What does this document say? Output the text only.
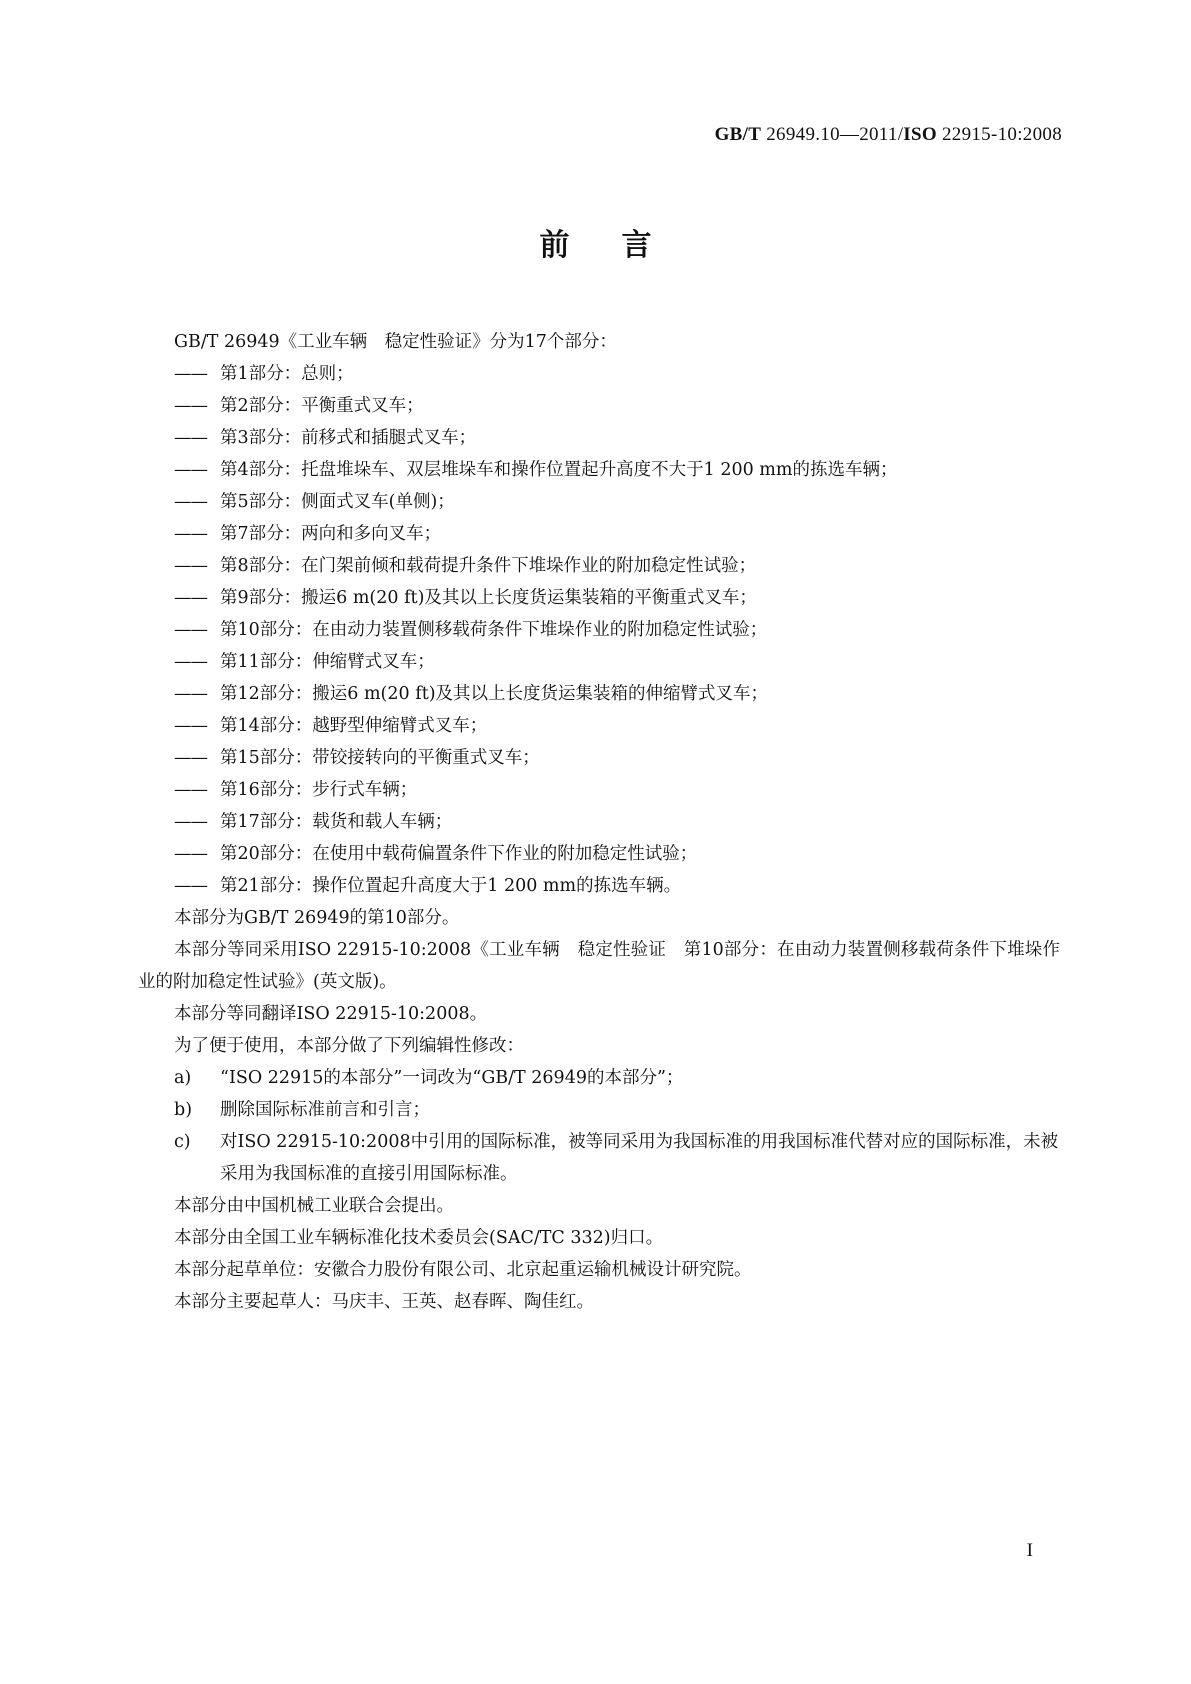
GB/T 26949.10—2011/ISO 22915-10:2008
前言

GB/T 26949《工业车辆　稳定性验证》分为17个部分：

—— 第1部分：总则；

—— 第2部分：平衡重式叉车；

—— 第3部分：前移式和插腿式叉车；

—— 第4部分：托盘堆垛车、双层堆垛车和操作位置起升高度不大于1 200 mm的拣选车辆；

—— 第5部分：侧面式叉车(单侧)；

—— 第7部分：两向和多向叉车；

—— 第8部分：在门架前倾和载荷提升条件下堆垛作业的附加稳定性试验；

—— 第9部分：搬运6 m(20 ft)及其以上长度货运集装箱的平衡重式叉车；

—— 第10部分：在由动力装置侧移载荷条件下堆垛作业的附加稳定性试验；

—— 第11部分：伸缩臂式叉车；

—— 第12部分：搬运6 m(20 ft)及其以上长度货运集装箱的伸缩臂式叉车；

—— 第14部分：越野型伸缩臂式叉车；

—— 第15部分：带铰接转向的平衡重式叉车；

—— 第16部分：步行式车辆；

—— 第17部分：载货和载人车辆；

—— 第20部分：在使用中载荷偏置条件下作业的附加稳定性试验；

—— 第21部分：操作位置起升高度大于1 200 mm的拣选车辆。

本部分为GB/T 26949的第10部分。

本部分等同采用ISO 22915-10:2008《工业车辆　稳定性验证　第10部分：在由动力装置侧移载荷条件下堆垛作业的附加稳定性试验》(英文版)。

本部分等同翻译ISO 22915-10:2008。

为了便于使用，本部分做了下列编辑性修改：

a) “ISO 22915的本部分”一词改为“GB/T 26949的本部分”；

b) 删除国际标准前言和引言；

c) 对ISO 22915-10:2008中引用的国际标准，被等同采用为我国标准的用我国标准代替对应的国际标准，未被采用为我国标准的直接引用国际标准。

本部分由中国机械工业联合会提出。

本部分由全国工业车辆标准化技术委员会(SAC/TC 332)归口。

本部分起草单位：安徽合力股份有限公司、北京起重运输机械设计研究院。

本部分主要起草人：马庆丰、王英、赵春晖、陶佳红。

I
